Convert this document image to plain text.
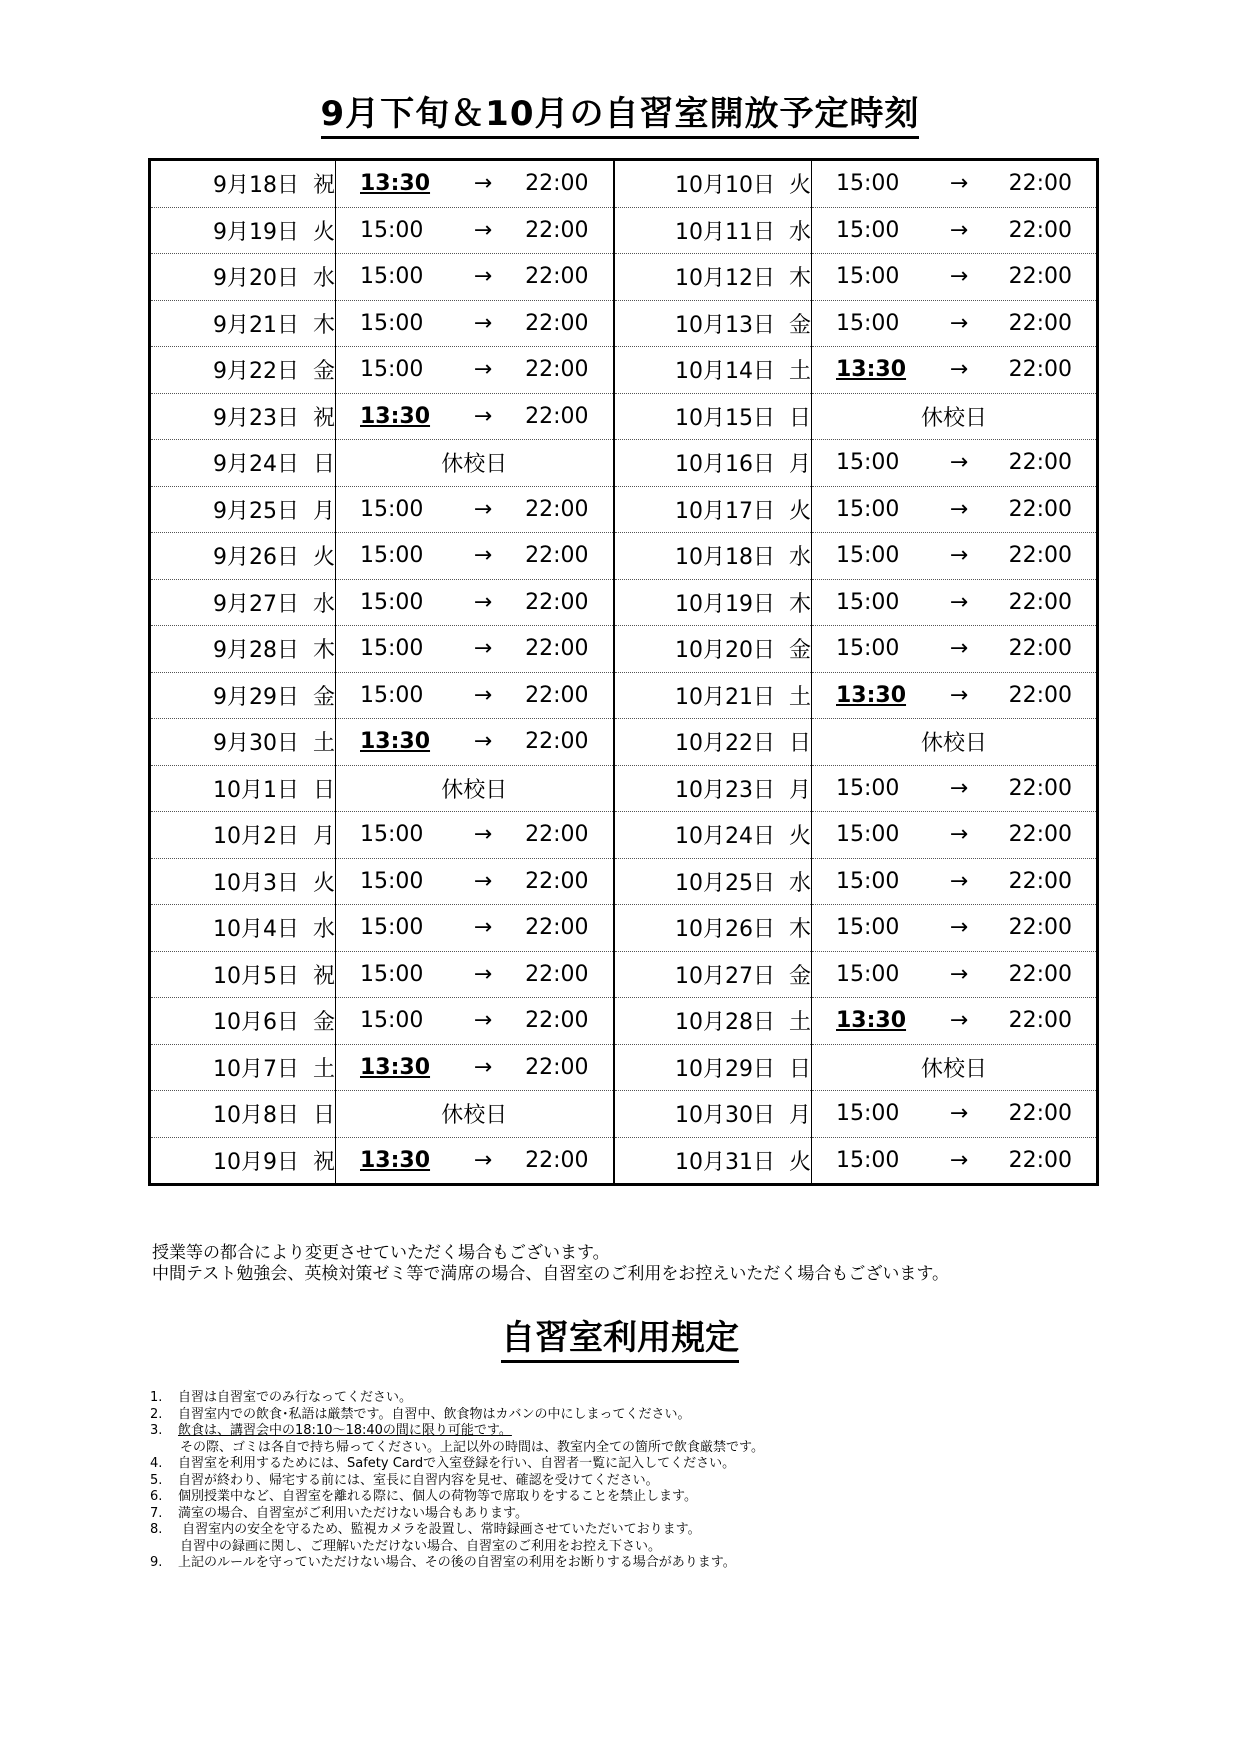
9月下旬＆10月の自習室開放予定時刻
9月18日 祝	13:30 → 22:00	10月10日 火	15:00 → 22:00

9月19日 火	15:00 → 22:00	10月11日 水	15:00 → 22:00

9月20日 水	15:00 → 22:00	10月12日 木	15:00 → 22:00

9月21日 木	15:00 → 22:00	10月13日 金	15:00 → 22:00

9月22日 金	15:00 → 22:00	10月14日 土	13:30 → 22:00

9月23日 祝	13:30 → 22:00	10月15日 日	休校日

9月24日 日	休校日	10月16日 月	15:00 → 22:00

9月25日 月	15:00 → 22:00	10月17日 火	15:00 → 22:00

9月26日 火	15:00 → 22:00	10月18日 水	15:00 → 22:00

9月27日 水	15:00 → 22:00	10月19日 木	15:00 → 22:00

9月28日 木	15:00 → 22:00	10月20日 金	15:00 → 22:00

9月29日 金	15:00 → 22:00	10月21日 土	13:30 → 22:00

9月30日 土	13:30 → 22:00	10月22日 日	休校日

10月1日 日	休校日	10月23日 月	15:00 → 22:00

10月2日 月	15:00 → 22:00	10月24日 火	15:00 → 22:00

10月3日 火	15:00 → 22:00	10月25日 水	15:00 → 22:00

10月4日 水	15:00 → 22:00	10月26日 木	15:00 → 22:00

10月5日 祝	15:00 → 22:00	10月27日 金	15:00 → 22:00

10月6日 金	15:00 → 22:00	10月28日 土	13:30 → 22:00

10月7日 土	13:30 → 22:00	10月29日 日	休校日

10月8日 日	休校日	10月30日 月	15:00 → 22:00

10月9日 祝	13:30 → 22:00	10月31日 火	15:00 → 22:00
授業等の都合により変更させていただく場合もございます。
中間テスト勉強会、英検対策ゼミ等で満席の場合、自習室のご利用をお控えいただく場合もございます。
自習室利用規定
1.	自習は自習室でのみ行なってください。
2.	自習室内での飲食･私語は厳禁です。自習中、飲食物はカバンの中にしまってください。
3.	飲食は、講習会中の18:10～18:40の間に限り可能です。
その際、ゴミは各自で持ち帰ってください。上記以外の時間は、教室内全ての箇所で飲食厳禁です。
4.	自習室を利用するためには、Safety Cardで入室登録を行い、自習者一覧に記入してください。
5.	自習が終わり、帰宅する前には、室長に自習内容を見せ、確認を受けてください。
6.	個別授業中など、自習室を離れる際に、個人の荷物等で席取りをすることを禁止します。
7.	満室の場合、自習室がご利用いただけない場合もあります。
8.	自習室内の安全を守るため、監視カメラを設置し、常時録画させていただいております。
自習中の録画に関し、ご理解いただけない場合、自習室のご利用をお控え下さい。
9.	上記のルールを守っていただけない場合、その後の自習室の利用をお断りする場合があります。
